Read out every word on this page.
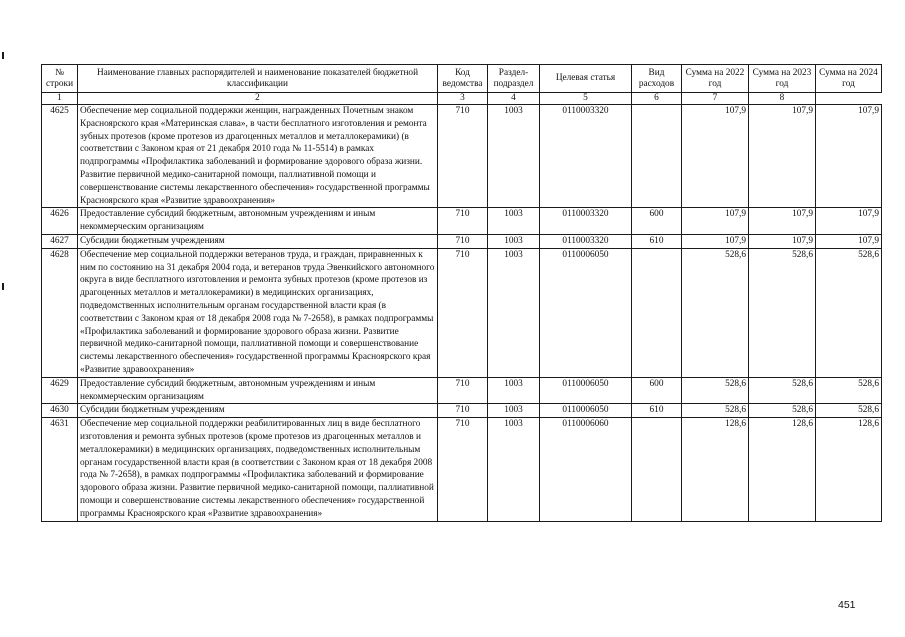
№ строки	Наименование главных распорядителей и наименование показателей бюджетной классификации	Код ведомства	Раздел-подраздел	Целевая статья	Вид расходов	Сумма на 2022 год	Сумма на 2023 год	Сумма на 2024 год
1	2	3	4	5	6	7	8	
4625	Обеспечение мер социальной поддержки женщин, награжденных Почетным знаком Красноярского края «Материнская слава», в части бесплатного изготовления и ремонта зубных протезов (кроме протезов из драгоценных металлов и металлокерамики) (в соответствии с Законом края от 21 декабря 2010 года № 11-5514) в рамках подпрограммы «Профилактика заболеваний и формирование здорового образа жизни. Развитие первичной медико-санитарной помощи, паллиативной помощи и совершенствование системы лекарственного обеспечения» государственной программы Красноярского края «Развитие здравоохранения»	710	1003	0110003320		107,9	107,9	107,9
4626	Предоставление субсидий бюджетным, автономным учреждениям и иным некоммерческим организациям	710	1003	0110003320	600	107,9	107,9	107,9
4627	Субсидии бюджетным учреждениям	710	1003	0110003320	610	107,9	107,9	107,9
4628	Обеспечение мер социальной поддержки ветеранов труда, и граждан, приравненных к ним по состоянию на 31 декабря 2004 года, и ветеранов труда Эвенкийского автономного округа в виде бесплатного изготовления и ремонта зубных протезов (кроме протезов из драгоценных металлов и металлокерамики) в медицинских организациях, подведомственных исполнительным органам государственной власти края (в соответствии с Законом края от 18 декабря 2008 года № 7-2658), в рамках подпрограммы «Профилактика заболеваний и формирование здорового образа жизни. Развитие первичной медико-санитарной помощи, паллиативной помощи и совершенствование системы лекарственного обеспечения» государственной программы Красноярского края «Развитие здравоохранения»	710	1003	0110006050		528,6	528,6	528,6
4629	Предоставление субсидий бюджетным, автономным учреждениям и иным некоммерческим организациям	710	1003	0110006050	600	528,6	528,6	528,6
4630	Субсидии бюджетным учреждениям	710	1003	0110006050	610	528,6	528,6	528,6
4631	Обеспечение мер социальной поддержки реабилитированных лиц в виде бесплатного изготовления и ремонта зубных протезов (кроме протезов из драгоценных металлов и металлокерамики) в медицинских организациях, подведомственных исполнительным органам государственной власти края (в соответствии с Законом края от 18 декабря 2008 года № 7-2658), в рамках подпрограммы «Профилактика заболеваний и формирование здорового образа жизни. Развитие первичной медико-санитарной помощи, паллиативной помощи и совершенствование системы лекарственного обеспечения» государственной программы Красноярского края «Развитие здравоохранения»	710	1003	0110006060		128,6	128,6	128,6
451
